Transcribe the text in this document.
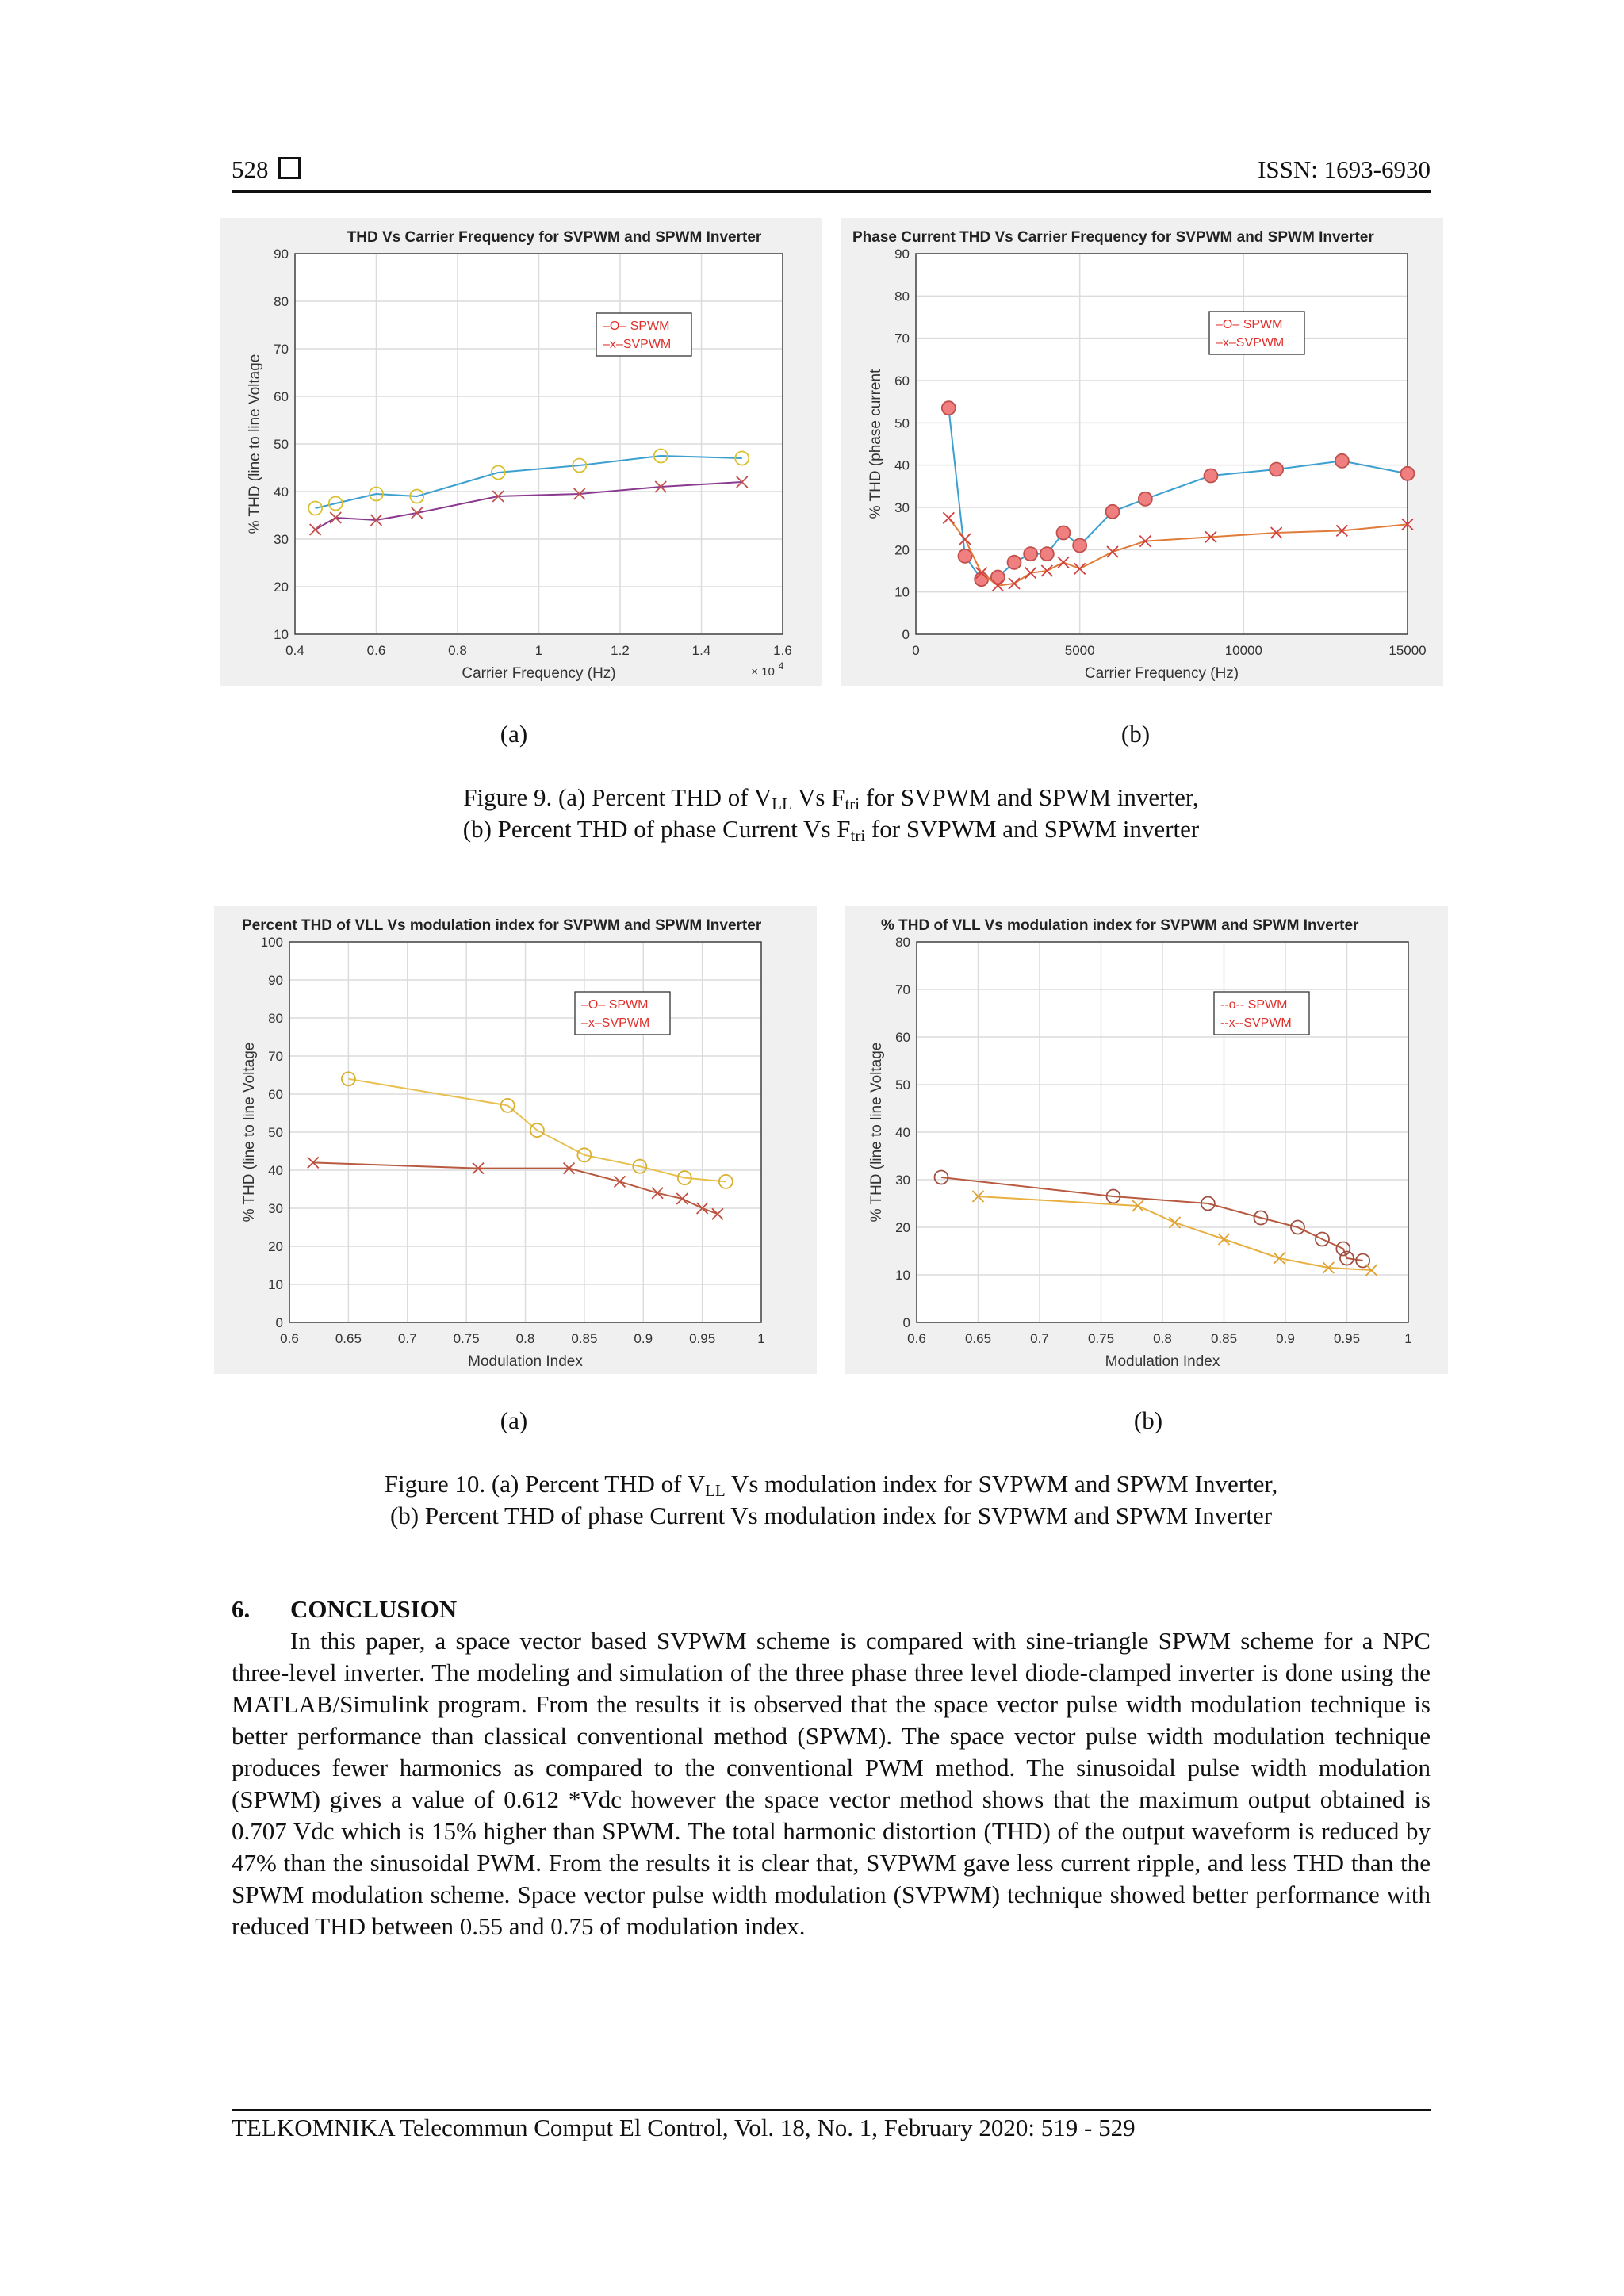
528	ISSN: 1693-6930
0.4	0.6	0.8	1	1.2	1.4	1.6
10
20
30
40
50
60
70
80
90
THD Vs Carrier Frequency for SVPWM and SPWM Inverter
Carrier Frequency (Hz)
% THD (line to line Voltage
× 10 4
–O– SPWM
–x–SVPWM
0	5000	10000	15000
0
10
20
30
40
50
60
70
80
90
Phase Current THD Vs Carrier Frequency for SVPWM and SPWM Inverter
Carrier Frequency (Hz)
% THD (phase current
–O– SPWM
–x–SVPWM
(a)	(b)
Figure 9. (a) Percent THD of $V_{LL}$ Vs $F_{tri}$ for SVPWM and SPWM inverter,
(b) Percent THD of phase Current Vs $F_{tri}$ for SVPWM and SPWM inverter
0.6	0.65	0.7	0.75	0.8	0.85	0.9	0.95	1
0
10
20
30
40
50
60
70
80
90
100
Percent THD of VLL Vs modulation index for SVPWM and SPWM Inverter
Modulation Index
% THD (line to line Voltage
–O– SPWM
–x–SVPWM
0.6	0.65	0.7	0.75	0.8	0.85	0.9	0.95	1
0
10
20
30
40
50
60
70
80
% THD of VLL Vs modulation index for SVPWM and SPWM Inverter
Modulation Index
% THD (line to line Voltage
--o-- SPWM
--x--SVPWM
(a)	(b)
Figure 10. (a) Percent THD of $V_{LL}$ Vs modulation index for SVPWM and SPWM Inverter,
(b) Percent THD of phase Current Vs modulation index for SVPWM and SPWM Inverter
6. CONCLUSION
In this paper, a space vector based SVPWM scheme is compared with sine-triangle SPWM scheme for a NPC three-level inverter. The modeling and simulation of the three phase three level diode-clamped inverter is done using the MATLAB/Simulink program. From the results it is observed that the space vector pulse width modulation technique is better performance than classical conventional method (SPWM). The space vector pulse width modulation technique produces fewer harmonics as compared to the conventional PWM method. The sinusoidal pulse width modulation (SPWM) gives a value of 0.612 *Vdc however the space vector method shows that the maximum output obtained is 0.707 Vdc which is 15% higher than SPWM. The total harmonic distortion (THD) of the output waveform is reduced by 47% than the sinusoidal PWM. From the results it is clear that, SVPWM gave less current ripple, and less THD than the SPWM modulation scheme. Space vector pulse width modulation (SVPWM) technique showed better performance with reduced THD between 0.55 and 0.75 of modulation index.
TELKOMNIKA Telecommun Comput El Control, Vol. 18, No. 1, February 2020: 519 - 529
